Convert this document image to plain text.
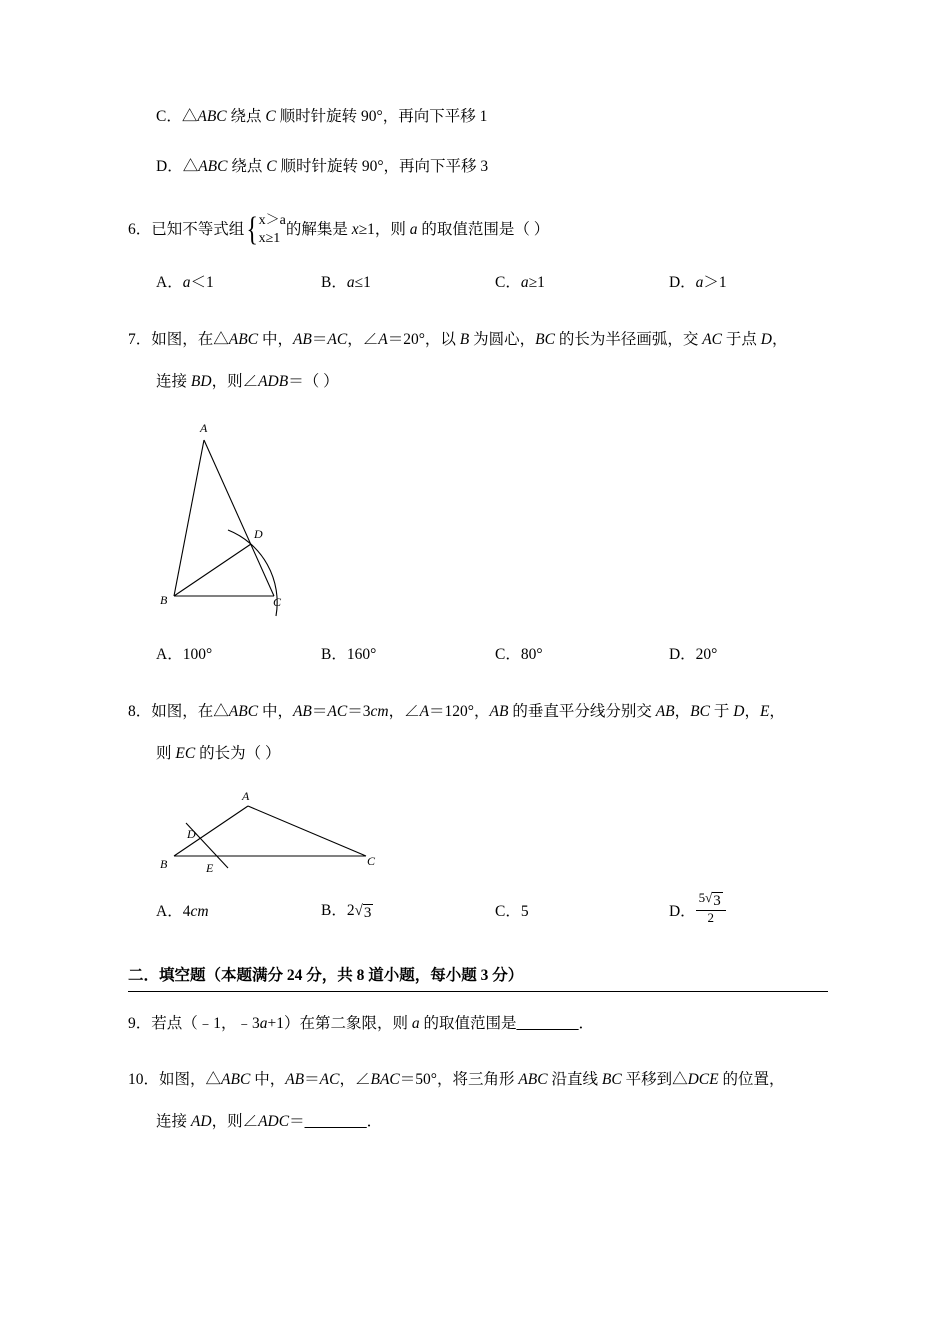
C．△ABC 绕点 C 顺时针旋转 90°，再向下平移 1
D．△ABC 绕点 C 顺时针旋转 90°，再向下平移 3
6．已知不等式组 { x＞a
x≥1 的解集是 x≥1，则 a 的取值范围是（ ）
A．a＜1	B．a≤1	C．a≥1	D．a＞1
7．如图，在△ABC 中，AB＝AC，∠A＝20°，以 B 为圆心，BC 的长为半径画弧，交 AC 于点 D，
连接 BD，则∠ADB＝（ ）
A
B	C
D
A．100°	B．160°	C．80°	D．20°
8．如图，在△ABC 中，AB＝AC＝3cm，∠A＝120°，AB 的垂直平分线分别交 AB，BC 于 D，E，
则 EC 的长为（ ）
A
D
B	E	C
A．4cm	B．2 √ 3	C．5	D． $\frac{5 √ 3}{2}$
二．填空题（本题满分 24 分，共 8 道小题，每小题 3 分）
9．若点（﹣1，﹣3a+1）在第二象限，则 a 的取值范围是________．
10．如图，△ABC 中，AB＝AC，∠BAC＝50°，将三角形 ABC 沿直线 BC 平移到△DCE 的位置，
连接 AD，则∠ADC＝________．
